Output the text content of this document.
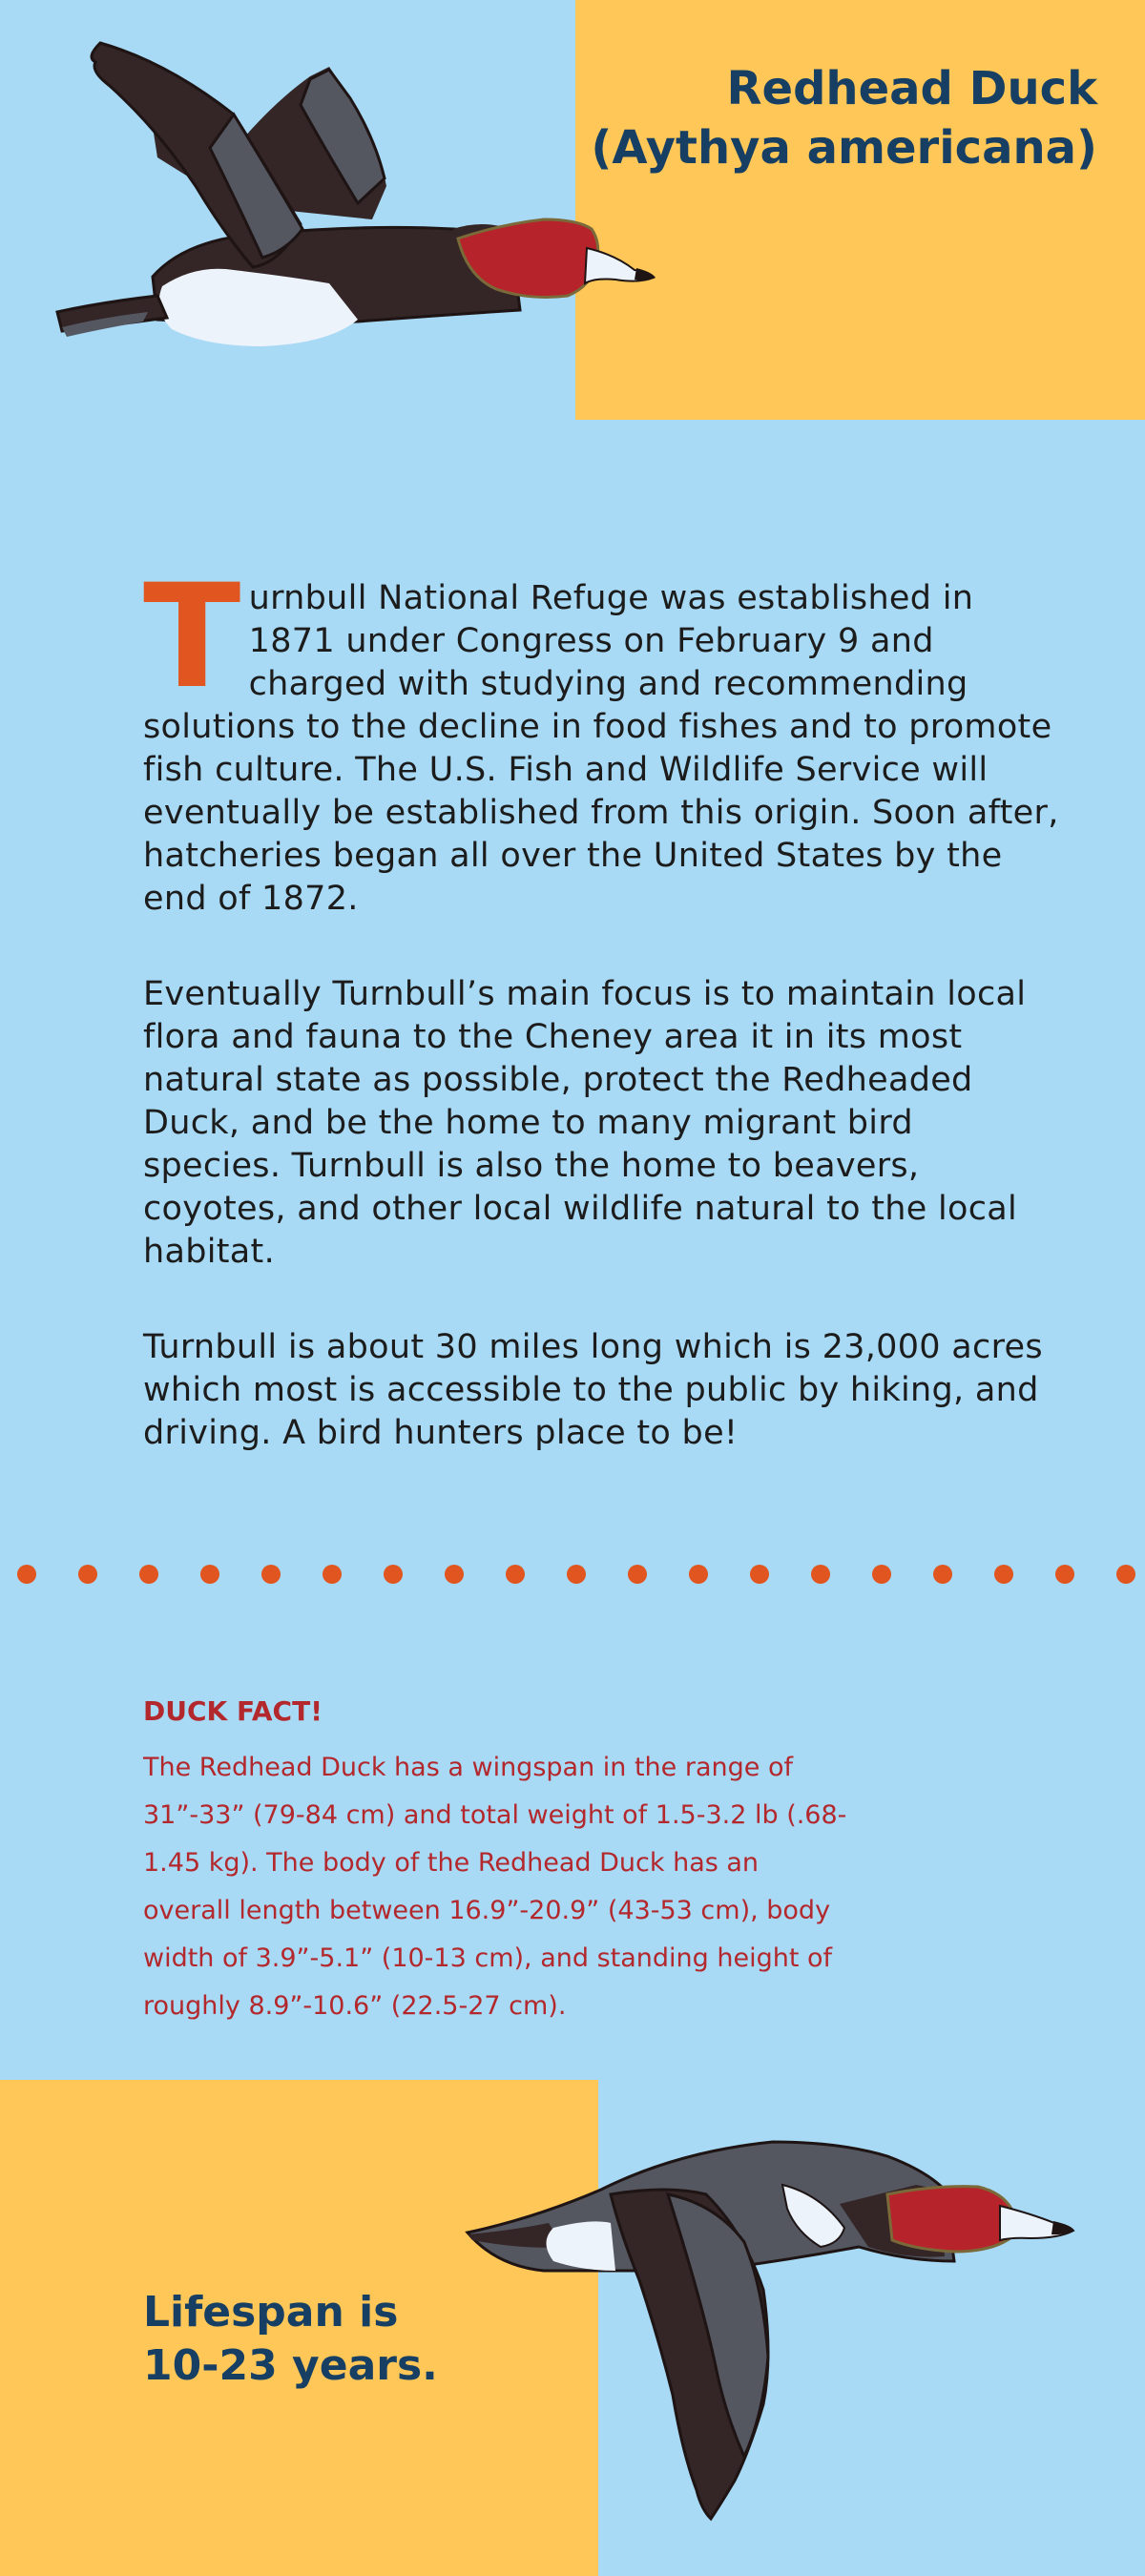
Redhead Duck
(Aythya americana)

T urnbull National Refuge was established in 1871 under Congress on February 9 and charged with studying and recommending solutions to the decline in food fishes and to promote fish culture. The U.S. Fish and Wildlife Service will eventually be established from this origin. Soon after, hatcheries began all over the United States by the end of 1872.

Eventually Turnbull’s main focus is to maintain local flora and fauna to the Cheney area it in its most natural state as possible, protect the Redheaded Duck, and be the home to many migrant bird species. Turnbull is also the home to beavers, coyotes, and other local wildlife natural to the local habitat.

Turnbull is about 30 miles long which is 23,000 acres which most is accessible to the public by hiking, and driving. A bird hunters place to be!

DUCK FACT!

The Redhead Duck has a wingspan in the range of 31”-33” (79-84 cm) and total weight of 1.5-3.2 lb (.68-1.45 kg). The body of the Redhead Duck has an overall length between 16.9”-20.9” (43-53 cm), body width of 3.9”-5.1” (10-13 cm), and standing height of roughly 8.9”-10.6” (22.5-27 cm).

Lifespan is
10-23 years.
